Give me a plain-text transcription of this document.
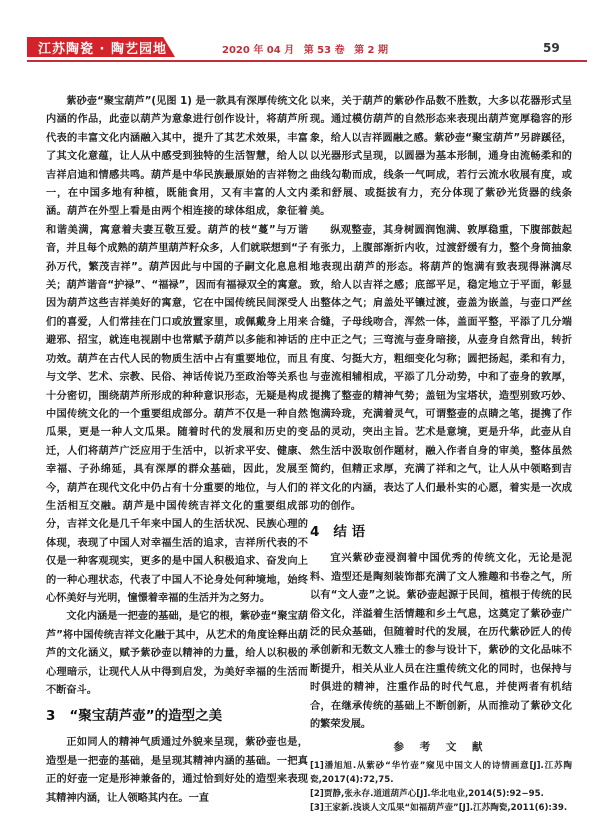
江苏陶瓷 · 陶艺园地	2020 年 04 月 第 53 卷 第 2 期	59

紫砂壶“聚宝葫芦”(见图 1) 是一款具有深厚传统文化内涵的作品，此壶以葫芦为意象进行创作设计，将葫芦所代表的丰富文化内涵融入其中，提升了其艺术效果，丰富了其文化意蕴，让人从中感受到独特的生活智慧，给人以吉祥启迪和情感共鸣。葫芦是中华民族最原始的吉祥物之一，在中国多地有种植，既能食用，又有丰富的人文内涵。葫芦在外型上看是由两个相连接的球体组成，象征着和谐美满，寓意着夫妻互敬互爱。葫芦的枝“蔓”与万谐音，并且每个成熟的葫芦里葫芦籽众多，人们就联想到“子孙万代，繁茂吉祥”。葫芦因此与中国的子嗣文化息息相关；葫芦谐音“护禄”、“福禄”，因而有福禄双全的寓意。因为葫芦这些吉祥美好的寓意，它在中国传统民间深受人们的喜爱，人们常挂在门口或放置家里，或佩戴身上用来避邪、招宝，就连电视剧中也常赋予葫芦以多能和神话的功效。葫芦在古代人民的物质生活中占有重要地位，而且与文学、艺术、宗教、民俗、神话传说乃至政治等关系也十分密切，围绕葫芦所形成的种种意识形态，无疑是构成中国传统文化的一个重要组成部分。葫芦不仅是一种自然瓜果，更是一种人文瓜果。随着时代的发展和历史的变迁，人们将葫芦广泛应用于生活中，以祈求平安、健康、幸福、子孙绵延，具有深厚的群众基础，因此，发展至今，葫芦在现代文化中仍占有十分重要的地位，与人们的生活相互交融。葫芦是中国传统吉祥文化的重要组成部分，吉祥文化是几千年来中国人的生活状况、民族心理的体现，表现了中国人对幸福生活的追求，吉祥所代表的不仅是一种客观现实，更多的是中国人积极追求、奋发向上的一种心理状态，代表了中国人不论身处何种境地，始终心怀美好与光明，憧憬着幸福的生活并为之努力。

文化内涵是一把壶的基础，是它的根，紫砂壶“聚宝葫芦”将中国传统吉祥文化融于其中，从艺术的角度诠释出葫芦的文化涵义，赋予紫砂壶以精神的力量，给人以积极的心理暗示，让现代人从中得到启发，为美好幸福的生活而不断奋斗。

3 “聚宝葫芦壶”的造型之美

正如同人的精神气质通过外貌来呈现，紫砂壶也是，造型是一把壶的基础，是呈现其精神内涵的基础。一把真正的好壶一定是形神兼备的，通过恰到好处的造型来表现其精神内涵，让人领略其内在。一直

以来，关于葫芦的紫砂作品数不胜数，大多以花器形式呈现。通过模仿葫芦的自然形态来表现出葫芦宽厚稳容的形象，给人以吉祥圆融之感。紫砂壶“聚宝葫芦”另辟蹊径，以光器形式呈现，以圆器为基本形制，通身由流畅柔和的曲线勾勒而成，线条一气呵成，若行云流水收展有度，或柔和舒展、或挺拔有力，充分体现了紫砂光货器的线条美。

纵观整壶，其身树圆润饱满、敦厚稳重，下腹部鼓起有张力，上腹部渐折内收，过渡舒缓有力，整个身筒抽象地表现出葫芦的形态。将葫芦的饱满有致表现得淋漓尽致，给人以吉祥之感；底部平足，稳定地立于平面，彰显出整体之气；肩盖处平镶过渡，壶盖为嵌盖，与壶口严丝合缝，子母线吻合，浑然一体，盖面平整，平添了几分端庄中正之气；三弯流与壶身暗接，从壶身自然背出，转折有度、匀挺大方，粗细变化匀称；圆把扬起，柔和有力，与壶流相辅相成，平添了几分动势，中和了壶身的敦厚，提携了整壶的精神气势；盖钮为宝塔状，造型别致巧妙、饱满玲珑，充满着灵气，可谓整壶的点睛之笔，提携了作品的灵动，突出主旨。艺术是意境，更是升华，此壶从自然生活中汲取创作题材，融入作者自身的审美，整体虽然简约，但精正求厚，充满了祥和之气，让人从中领略到吉祥文化的内涵，表达了人们最朴实的心愿，着实是一次成功的创作。

4 结 语

宜兴紫砂壶浸润着中国优秀的传统文化，无论是泥料、造型还是陶刻装饰都充满了文人雅趣和书卷之气，所以有“文人壶”之说。紫砂壶起源于民间，植根于传统的民俗文化，洋溢着生活情趣和乡土气息，这奠定了紫砂壶广泛的民众基础，但随着时代的发展，在历代紫砂匠人的传承创新和无数文人雅士的参与设计下，紫砂的文化品味不断提升，相关从业人员在注重传统文化的同时，也保持与时俱进的精神，注重作品的时代气息，并使两者有机结合，在继承传统的基础上不断创新，从而推动了紫砂文化的繁荣发展。

参 考 文 献
[1]潘旭旭.从紫砂“华竹壶”窥见中国文人的诗情画意[J].江苏陶瓷,2017(4):72,75.
[2]贾静,张永存.道道葫芦心[J].华北电业,2014(5):92−95.
[3]王家新.浅谈人文瓜果“如福葫芦壶”[J].江苏陶瓷,2011(6):39.
